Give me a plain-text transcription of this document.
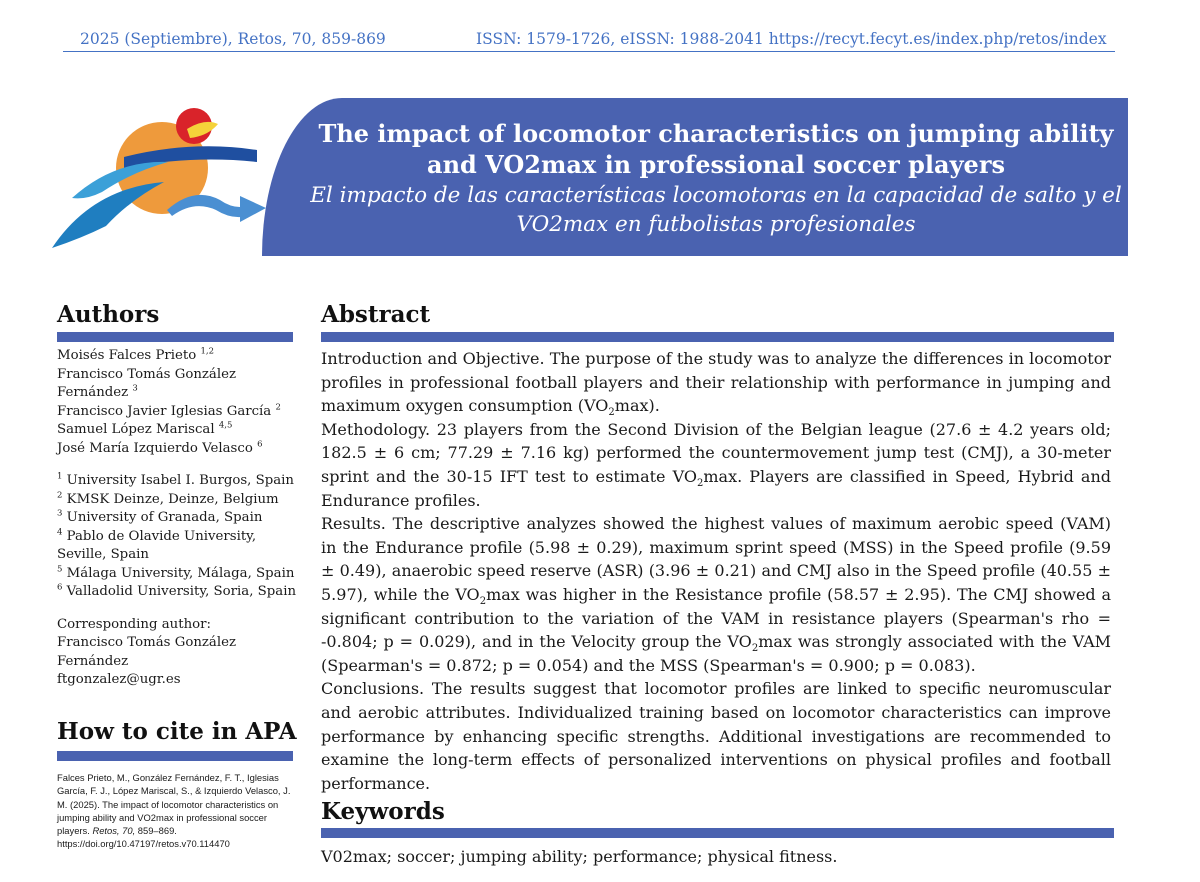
2025 (Septiembre), Retos, 70, 859-869	ISSN: 1579-1726, eISSN: 1988-2041 https://recyt.fecyt.es/index.php/retos/index
The impact of locomotor characteristics on jumping ability and VO2max in professional soccer players
El impacto de las características locomotoras en la capacidad de salto y el VO2max en futbolistas profesionales
Authors
Moisés Falces Prieto $^{1,2}$
Francisco Tomás González Fernández $^3$
Francisco Javier Iglesias García $^2$
Samuel López Mariscal $^{4,5}$
José María Izquierdo Velasco $^6$
$^1$ University Isabel I. Burgos, Spain
$^2$ KMSK Deinze, Deinze, Belgium
$^3$ University of Granada, Spain
$^4$ Pablo de Olavide University, Seville, Spain
$^5$ Málaga University, Málaga, Spain
$^6$ Valladolid University, Soria, Spain
Corresponding author:
Francisco Tomás González Fernández
ftgonzalez@ugr.es
How to cite in APA
Falces Prieto, M., González Fernández, F. T., Iglesias García, F. J., López Mariscal, S., & Izquierdo Velasco, J. M. (2025). The impact of locomotor characteristics on jumping ability and VO2max in professional soccer players. Retos, 70, 859–869. https://doi.org/10.47197/retos.v70.114470
Abstract

Introduction and Objective. The purpose of the study was to analyze the differences in locomotor profiles in professional football players and their relationship with performance in jumping and maximum oxygen consumption $(VO_2\max)$.

Methodology. 23 players from the Second Division of the Belgian league (27.6 ± 4.2 years old; 182.5 ± 6 cm; 77.29 ± 7.16 kg) performed the countermovement jump test (CMJ), a 30-meter sprint and the 30-15 IFT test to estimate $VO_2\max$. Players are classified in Speed, Hybrid and Endurance profiles.

Results. The descriptive analyzes showed the highest values of maximum aerobic speed (VAM) in the Endurance profile (5.98 ± 0.29), maximum sprint speed (MSS) in the Speed profile (9.59 ± 0.49), anaerobic speed reserve (ASR) (3.96 ± 0.21) and CMJ also in the Speed profile (40.55 ± 5.97), while the $VO_2\max$ was higher in the Resistance profile (58.57 ± 2.95). The CMJ showed a significant contribution to the variation of the VAM in resistance players (Spearman's rho = -0.804; p = 0.029), and in the Velocity group the $VO_2\max$ was strongly associated with the VAM (Spearman's = 0.872; p = 0.054) and the MSS (Spearman's = 0.900; p = 0.083).

Conclusions. The results suggest that locomotor profiles are linked to specific neuromuscular and aerobic attributes. Individualized training based on locomotor characteristics can improve performance by enhancing specific strengths. Additional investigations are recommended to examine the long-term effects of personalized interventions on physical profiles and football performance.

Keywords
V02max; soccer; jumping ability; performance; physical fitness.
